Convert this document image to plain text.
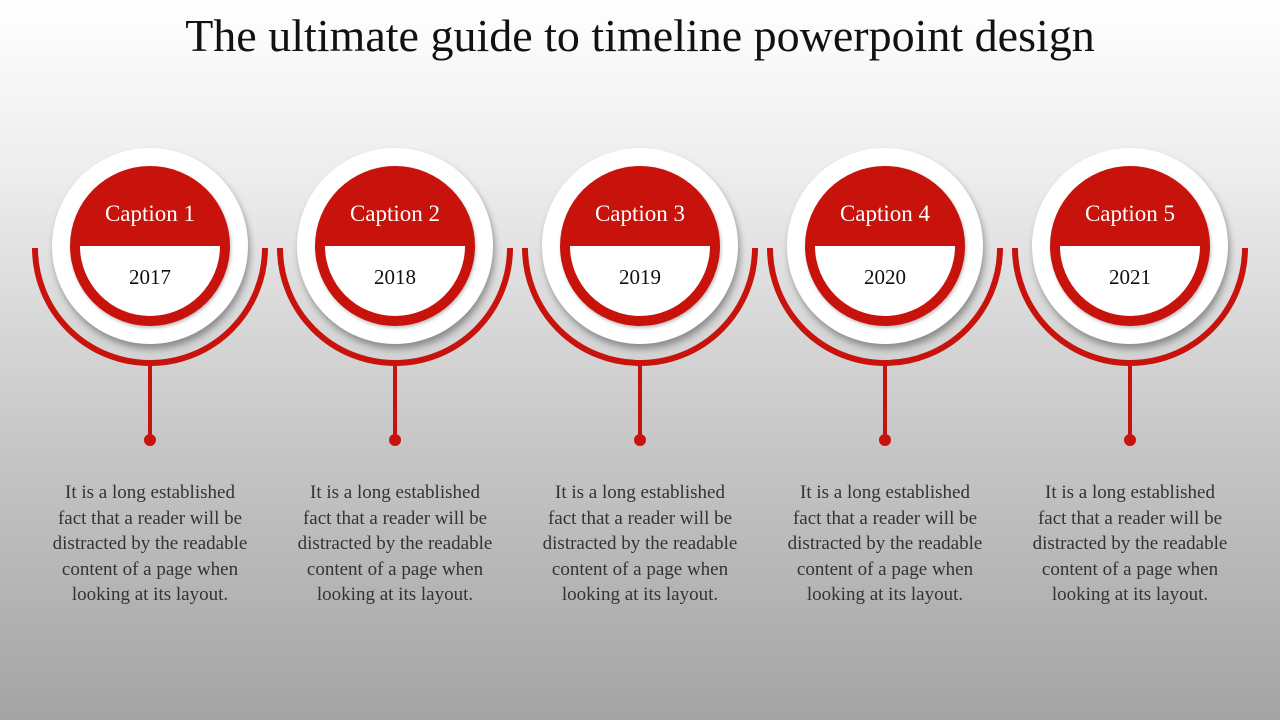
The ultimate guide to timeline powerpoint design
Caption 1
2017
It is a long established fact that a reader will be distracted by the readable content of a page when looking at its layout.
Caption 2
2018
It is a long established fact that a reader will be distracted by the readable content of a page when looking at its layout.
Caption 3
2019
It is a long established fact that a reader will be distracted by the readable content of a page when looking at its layout.
Caption 4
2020
It is a long established fact that a reader will be distracted by the readable content of a page when looking at its layout.
Caption 5
2021
It is a long established fact that a reader will be distracted by the readable content of a page when looking at its layout.
